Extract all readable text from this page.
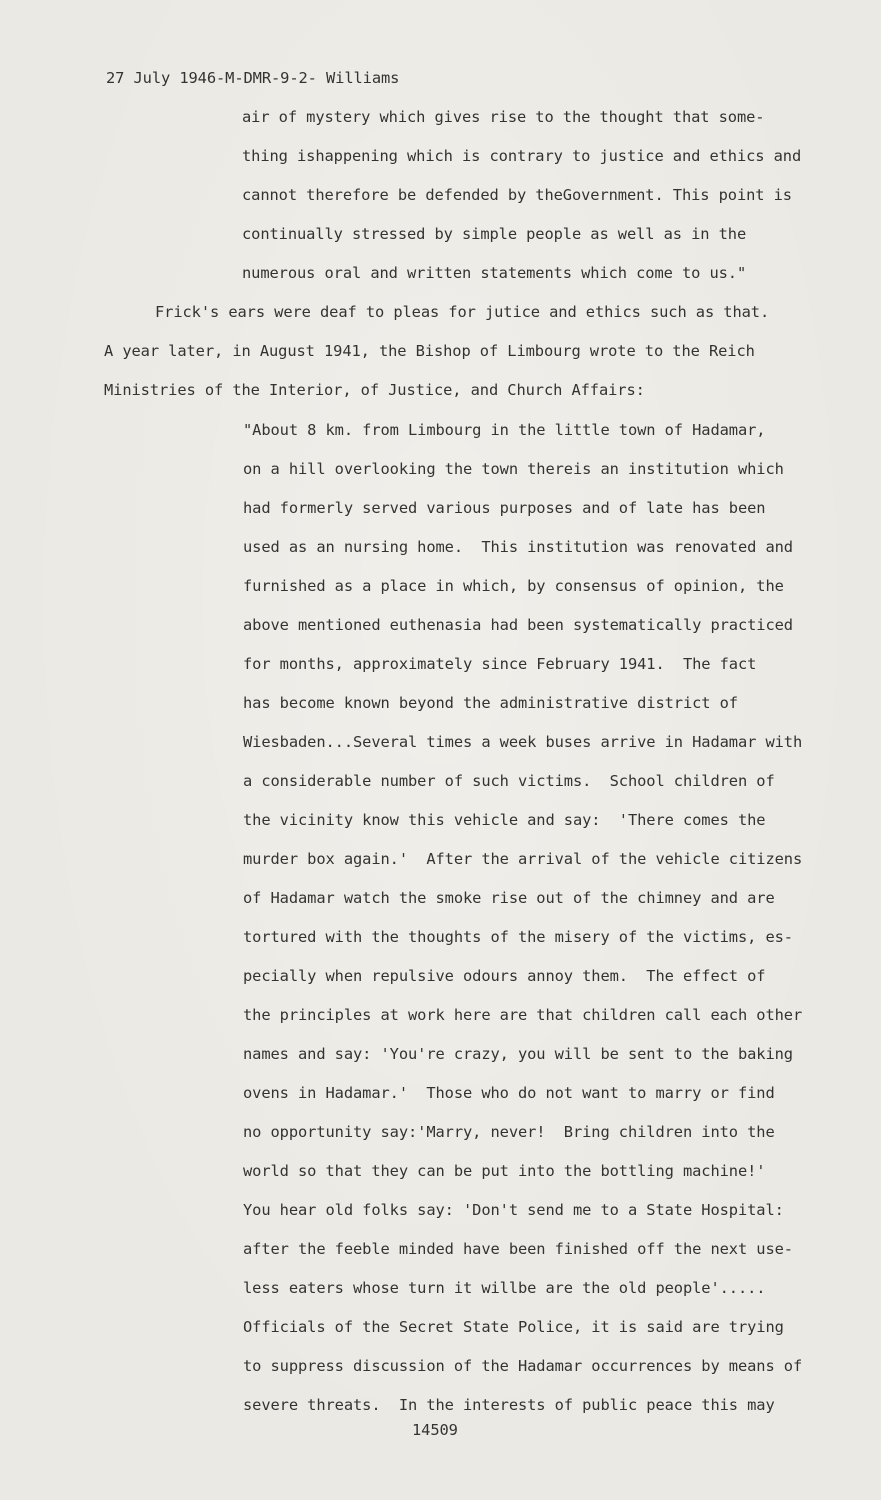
27 July 1946-M-DMR-9-2- Williams
air of mystery which gives rise to the thought that some-
thing ishappening which is contrary to justice and ethics and
cannot therefore be defended by theGovernment. This point is
continually stressed by simple people as well as in the
numerous oral and written statements which come to us."
Frick's ears were deaf to pleas for jutice and ethics such as that.
A year later, in August 1941, the Bishop of Limbourg wrote to the Reich
Ministries of the Interior, of Justice, and Church Affairs:
"About 8 km. from Limbourg in the little town of Hadamar,
on a hill overlooking the town thereis an institution which
had formerly served various purposes and of late has been
used as an nursing home.  This institution was renovated and
furnished as a place in which, by consensus of opinion, the
above mentioned euthenasia had been systematically practiced
for months, approximately since February 1941.  The fact
has become known beyond the administrative district of
Wiesbaden...Several times a week buses arrive in Hadamar with
a considerable number of such victims.  School children of
the vicinity know this vehicle and say:  'There comes the
murder box again.'  After the arrival of the vehicle citizens
of Hadamar watch the smoke rise out of the chimney and are
tortured with the thoughts of the misery of the victims, es-
pecially when repulsive odours annoy them.  The effect of
the principles at work here are that children call each other
names and say: 'You're crazy, you will be sent to the baking
ovens in Hadamar.'  Those who do not want to marry or find
no opportunity say:'Marry, never!  Bring children into the
world so that they can be put into the bottling machine!'
You hear old folks say: 'Don't send me to a State Hospital:
after the feeble minded have been finished off the next use-
less eaters whose turn it willbe are the old people'.....
Officials of the Secret State Police, it is said are trying
to suppress discussion of the Hadamar occurrences by means of
severe threats.  In the interests of public peace this may
14509
